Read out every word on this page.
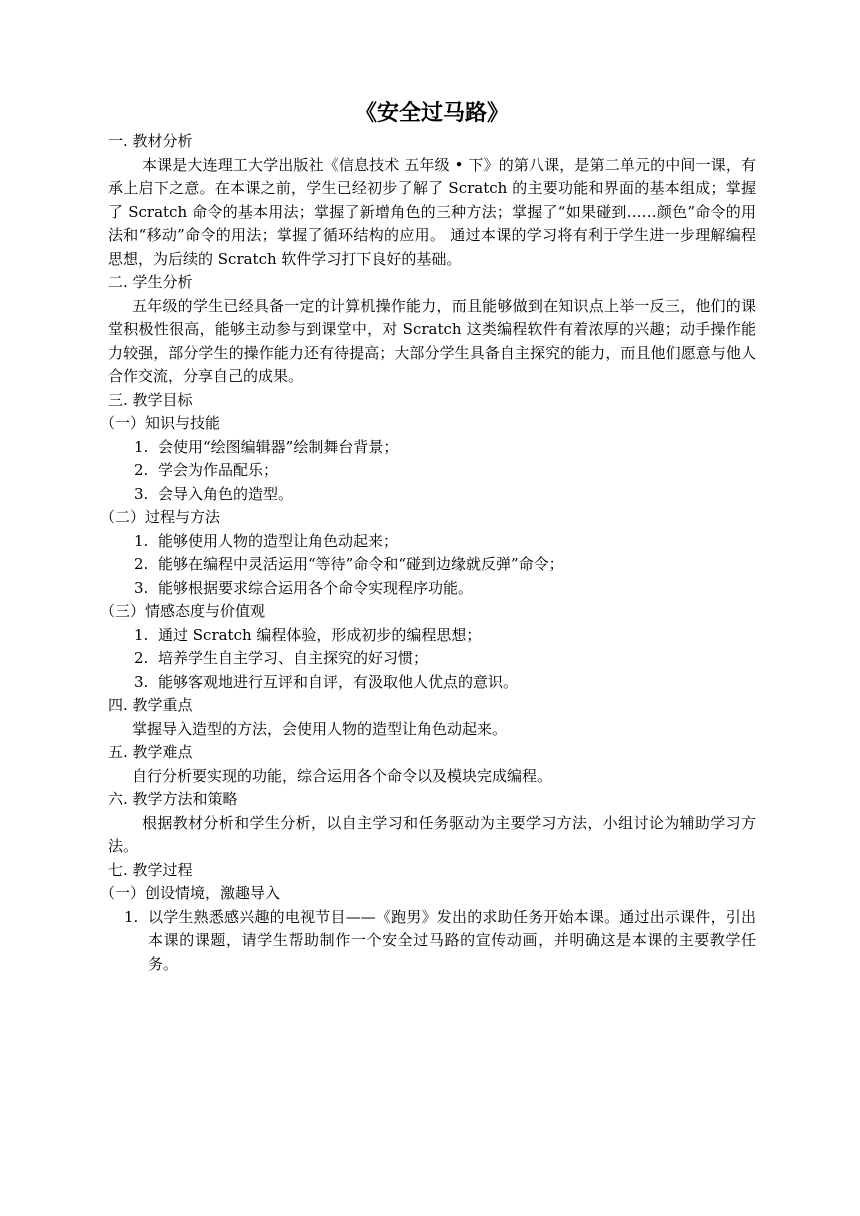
《安全过马路》
一. 教材分析

本课是大连理工大学出版社《信息技术 五年级 • 下》的第八课，是第二单元的中间一课，有承上启下之意。在本课之前，学生已经初步了解了 Scratch 的主要功能和界面的基本组成；掌握了 Scratch 命令的基本用法；掌握了新增角色的三种方法；掌握了“如果碰到……颜色”命令的用法和“移动”命令的用法；掌握了循环结构的应用。 通过本课的学习将有利于学生进一步理解编程思想，为后续的 Scratch 软件学习打下良好的基础。

二. 学生分析

五年级的学生已经具备一定的计算机操作能力，而且能够做到在知识点上举一反三，他们的课堂积极性很高，能够主动参与到课堂中，对 Scratch 这类编程软件有着浓厚的兴趣；动手操作能力较强，部分学生的操作能力还有待提高；大部分学生具备自主探究的能力，而且他们愿意与他人合作交流，分享自己的成果。

三. 教学目标
（一）知识与技能
1. 会使用“绘图编辑器”绘制舞台背景；
2. 学会为作品配乐；
3. 会导入角色的造型。
（二）过程与方法
1. 能够使用人物的造型让角色动起来；
2. 能够在编程中灵活运用“等待”命令和“碰到边缘就反弹”命令；
3. 能够根据要求综合运用各个命令实现程序功能。
（三）情感态度与价值观
1. 通过 Scratch 编程体验，形成初步的编程思想；
2. 培养学生自主学习、自主探究的好习惯；
3. 能够客观地进行互评和自评，有汲取他人优点的意识。
四. 教学重点

掌握导入造型的方法，会使用人物的造型让角色动起来。

五. 教学难点

自行分析要实现的功能，综合运用各个命令以及模块完成编程。

六. 教学方法和策略

根据教材分析和学生分析，以自主学习和任务驱动为主要学习方法，小组讨论为辅助学习方法。

七. 教学过程
（一）创设情境，激趣导入
1. 以学生熟悉感兴趣的电视节目——《跑男》发出的求助任务开始本课。通过出示课件，引出本课的课题，请学生帮助制作一个安全过马路的宣传动画，并明确这是本课的主要教学任务。
